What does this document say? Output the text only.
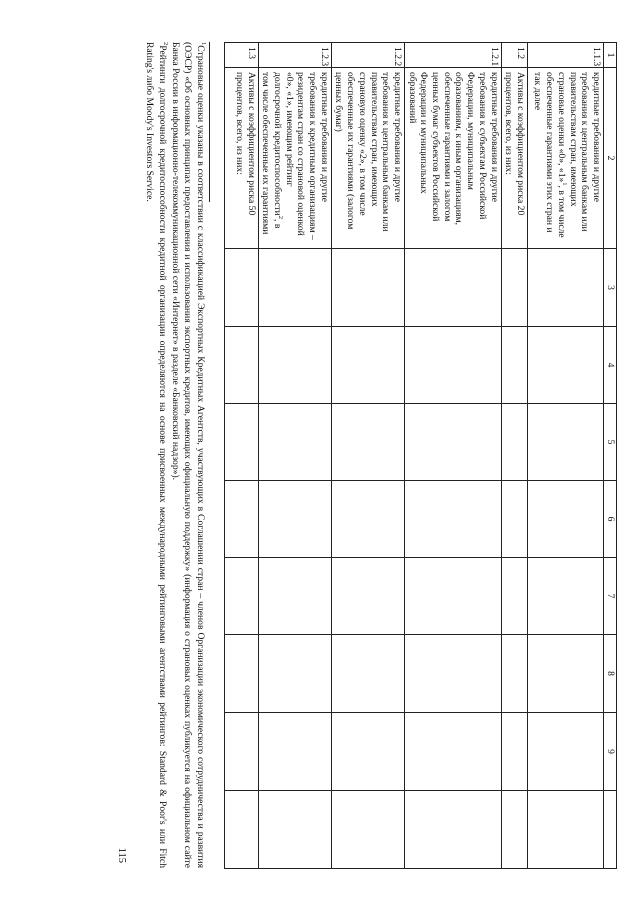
1	2	3	4	5	6	7	8	9	
1.1.3	кредитные требования и другие требования к центральным банкам или правительствам стран, имеющих страновые оценки «0», «1»$^1$, в том числе обеспеченные гарантиями этих стран и так далее								
1.2	Активы с коэффициентом риска 20 процентов, всего, из них:								
1.2.1	кредитные требования и другие требования к субъектам Российской Федерации, муниципальным образованиям, к иным организациям, обеспеченные гарантиями и залогом ценных бумаг субъектов Российской Федерации и муниципальных образований								
1.2.2	кредитные требования и другие требования к центральным банкам или правительствам стран, имеющих страновую оценку «2», в том числе обеспеченные их гарантиями (залогом ценных бумаг)								
1.2.3	кредитные требования и другие требования к кредитным организациям – резидентам стран со страновой оценкой «0», «1», имеющим рейтинг долгосрочной кредитоспособности$^2$, в том числе обеспеченные их гарантиями								
1.3	Активы с коэффициентом риска 50 процентов, всего, из них:								

$^1$Страновые оценки указаны в соответствии с классификацией Экспортных Кредитных Агентств, участвующих в Соглашении стран – членов Организации экономического сотрудничества и развития (ОЭСР) «Об основных принципах предоставления и использования экспортных кредитов, имеющих официальную поддержку» (информация о страновых оценках публикуется на официальном сайте Банка России в информационно-телекоммуникационной сети «Интернет» в разделе «Банковский надзор»).

$^2$Рейтинги долгосрочной кредитоспособности кредитной организации определяются на основе присвоенных международными рейтинговыми агентствами рейтингов: Standard & Poor's или Fitch Rating's либо Moody's Investors Service.

115
